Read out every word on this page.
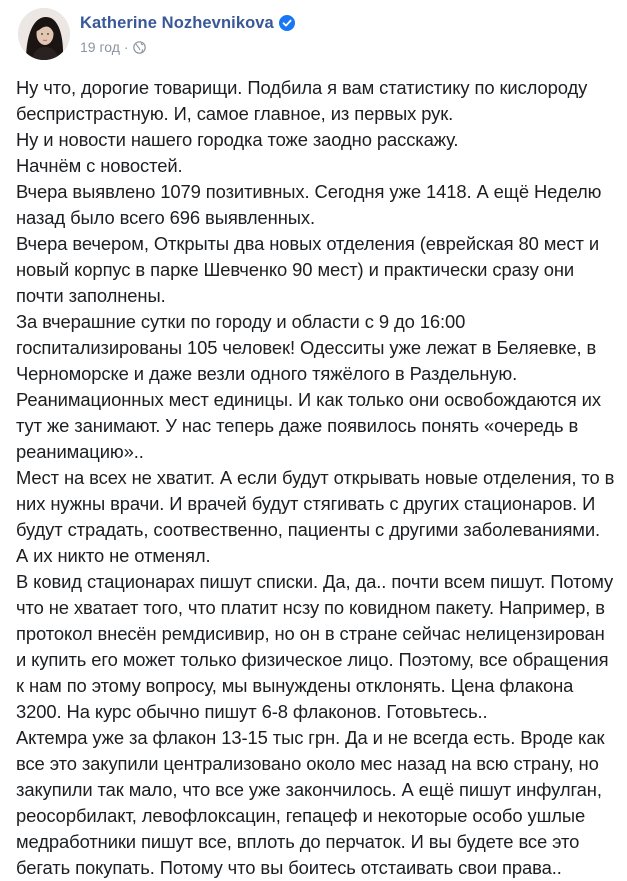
Katherine Nozhevnikova
19 год ·

Ну что, дорогие товарищи. Подбила я вам статистику по кислороду беспристрастную. И, самое главное, из первых рук.

Ну и новости нашего городка тоже заодно расскажу.

Начнём с новостей.

Вчера выявлено 1079 позитивных. Сегодня уже 1418. А ещё Неделю назад было всего 696 выявленных.

Вчера вечером, Открыты два новых отделения (еврейская 80 мест и новый корпус в парке Шевченко 90 мест) и практически сразу они почти заполнены.

За вчерашние сутки по городу и области с 9 до 16:00 госпитализированы 105 человек! Одесситы уже лежат в Беляевке, в Черноморске и даже везли одного тяжёлого в Раздельную.

Реанимационных мест единицы. И как только они освобождаются их тут же занимают. У нас теперь даже появилось понять «очередь в реанимацию»..

Мест на всех не хватит. А если будут открывать новые отделения, то в них нужны врачи. И врачей будут стягивать с других стационаров. И будут страдать, соотвественно, пациенты с другими заболеваниями. А их никто не отменял.

В ковид стационарах пишут списки. Да, да.. почти всем пишут. Потому что не хватает того, что платит нсзу по ковидном пакету. Например, в протокол внесён ремдисивир, но он в стране сейчас нелицензирован и купить его может только физическое лицо. Поэтому, все обращения к нам по этому вопросу, мы вынуждены отклонять. Цена флакона 3200. На курс обычно пишут 6-8 флаконов. Готовьтесь..

Актемра уже за флакон 13-15 тыс грн. Да и не всегда есть. Вроде как все это закупили централизовано около мес назад на всю страну, но закупили так мало, что все уже закончилось. А ещё пишут инфулган, реосорбилакт, левофлоксацин, гепацеф и некоторые особо ушлые медработники пишут все, вплоть до перчаток. И вы будете все это бегать покупать. Потому что вы боитесь отстаивать свои права..
